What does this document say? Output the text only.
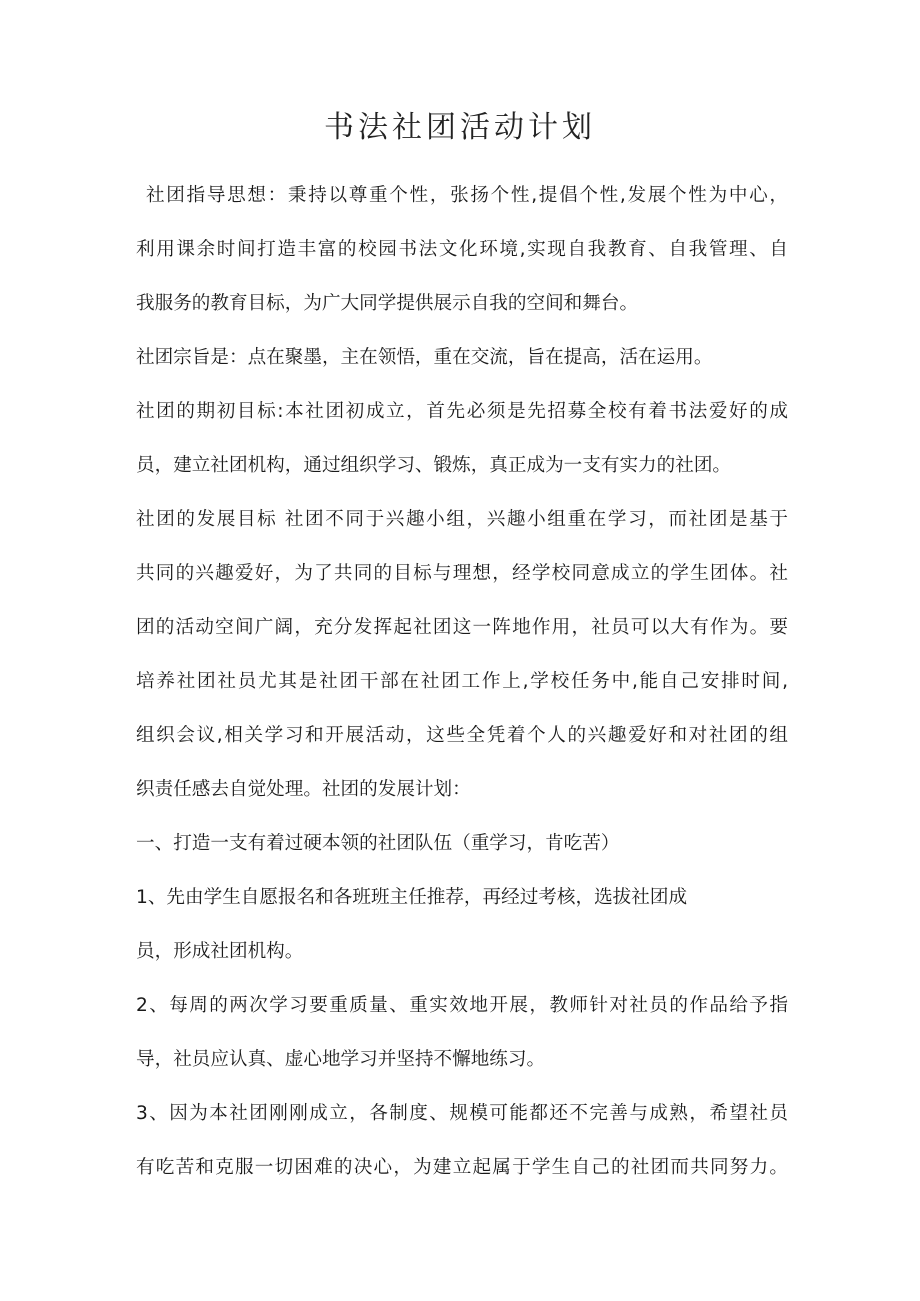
书法社团活动计划
社团指导思想：秉持以尊重个性，张扬个性,提倡个性,发展个性为中心，
利用课余时间打造丰富的校园书法文化环境,实现自我教育、自我管理、自
我服务的教育目标，为广大同学提供展示自我的空间和舞台。
社团宗旨是：点在聚墨，主在领悟，重在交流，旨在提高，活在运用。
社团的期初目标:本社团初成立，首先必须是先招募全校有着书法爱好的成
员，建立社团机构，通过组织学习、锻炼，真正成为一支有实力的社团。
社团的发展目标 社团不同于兴趣小组，兴趣小组重在学习，而社团是基于
共同的兴趣爱好，为了共同的目标与理想，经学校同意成立的学生团体。社
团的活动空间广阔，充分发挥起社团这一阵地作用，社员可以大有作为。要
培养社团社员尤其是社团干部在社团工作上,学校任务中,能自己安排时间,
组织会议,相关学习和开展活动，这些全凭着个人的兴趣爱好和对社团的组
织责任感去自觉处理。社团的发展计划：
一、打造一支有着过硬本领的社团队伍（重学习，肯吃苦）
1、先由学生自愿报名和各班班主任推荐，再经过考核，选拔社团成
员，形成社团机构。
2、每周的两次学习要重质量、重实效地开展，教师针对社员的作品给予指
导，社员应认真、虚心地学习并坚持不懈地练习。
3、因为本社团刚刚成立，各制度、规模可能都还不完善与成熟，希望社员
有吃苦和克服一切困难的决心，为建立起属于学生自己的社团而共同努力。
